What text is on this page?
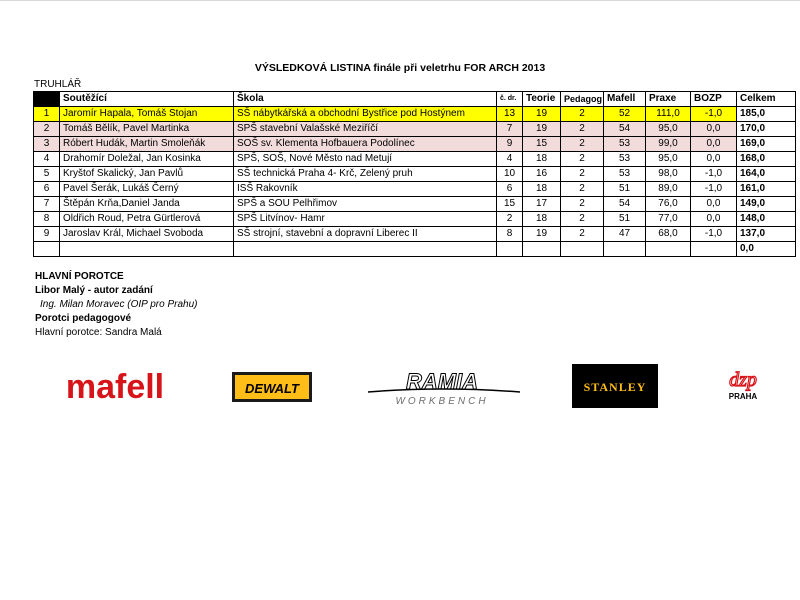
VÝSLEDKOVÁ LISTINA finále při veletrhu FOR ARCH 2013
TRUHLÁŘ
	Soutěžící	Škola	č. dr.	Teorie	Pedagog	Mafell	Praxe	BOZP	Celkem
1	Jaromír Hapala, Tomáš Stojan	SŠ nábytkářská a obchodní Bystřice pod Hostýnem	13	19	2	52	111,0	-1,0	185,0
2	Tomáš Bělík, Pavel Martinka	SPŠ stavební Valašské Meziříčí	7	19	2	54	95,0	0,0	170,0
3	Róbert Hudák, Martin Smoleňák	SOŠ sv. Klementa Hofbauera Podolínec	9	15	2	53	99,0	0,0	169,0
4	Drahomír Doležal, Jan Kosinka	SPŠ, SOŠ, Nové Město nad Metují	4	18	2	53	95,0	0,0	168,0
5	Kryštof Skalický, Jan Pavlů	SŠ technická Praha 4- Krč, Zelený pruh	10	16	2	53	98,0	-1,0	164,0
6	Pavel Šerák, Lukáš Černý	ISŠ Rakovník	6	18	2	51	89,0	-1,0	161,0
7	Štěpán Krňa,Daniel Janda	SPŠ a SOU Pelhřimov	15	17	2	54	76,0	0,0	149,0
8	Oldřich Roud, Petra Gürtlerová	SPŠ Litvínov- Hamr	2	18	2	51	77,0	0,0	148,0
9	Jaroslav Král, Michael Svoboda	SŠ strojní, stavební a dopravní Liberec II	8	19	2	47	68,0	-1,0	137,0
									0,0
HLAVNÍ POROTCE
Libor Malý - autor zadání
Ing. Milan Moravec (OIP pro Prahu)
Porotci pedagogové
Hlavní porotce: Sandra Malá
mafell	DEWALT	RAMIA
WORKBENCH
STANLEY	dzp
PRAHA
